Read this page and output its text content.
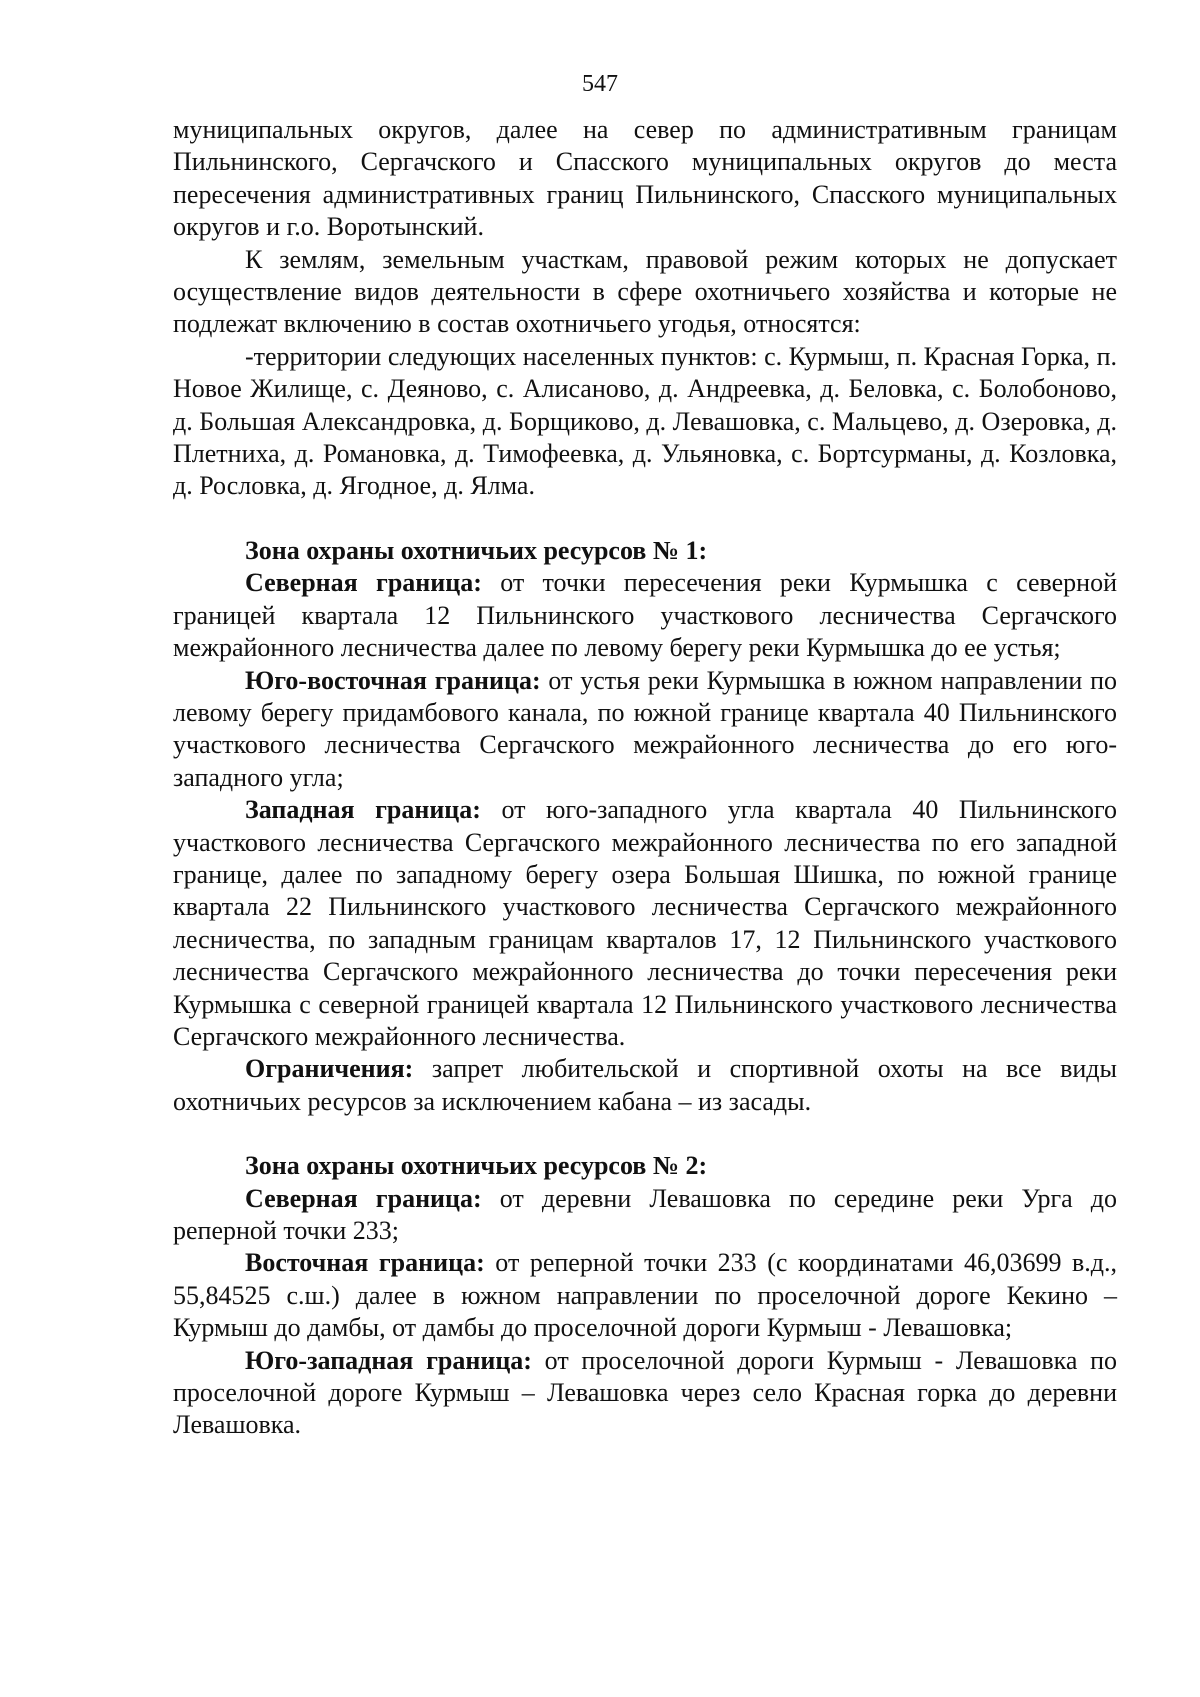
547

муниципальных округов, далее на север по административным границам Пильнинского, Сергачского и Спасского муниципальных округов до места пересечения административных границ Пильнинского, Спасского муниципальных округов и г.о. Воротынский.

К землям, земельным участкам, правовой режим которых не допускает осуществление видов деятельности в сфере охотничьего хозяйства и которые не подлежат включению в состав охотничьего угодья, относятся:

-территории следующих населенных пунктов: с. Курмыш, п. Красная Горка, п. Новое Жилище, с. Деяново, с. Алисаново, д. Андреевка, д. Беловка, с. Болобоново, д. Большая Александровка, д. Борщиково, д. Левашовка, с. Мальцево, д. Озеровка, д. Плетниха, д. Романовка, д. Тимофеевка, д. Ульяновка, с. Бортсурманы, д. Козловка, д. Рословка, д. Ягодное, д. Ялма.

Зона охраны охотничьих ресурсов № 1:

Северная граница: от точки пересечения реки Курмышка с северной границей квартала 12 Пильнинского участкового лесничества Сергачского межрайонного лесничества далее по левому берегу реки Курмышка до ее устья;

Юго-восточная граница: от устья реки Курмышка в южном направлении по левому берегу придамбового канала, по южной границе квартала 40 Пильнинского участкового лесничества Сергачского межрайонного лесничества до его юго-западного угла;

Западная граница: от юго-западного угла квартала 40 Пильнинского участкового лесничества Сергачского межрайонного лесничества по его западной границе, далее по западному берегу озера Большая Шишка, по южной границе квартала 22 Пильнинского участкового лесничества Сергачского межрайонного лесничества, по западным границам кварталов 17, 12 Пильнинского участкового лесничества Сергачского межрайонного лесничества до точки пересечения реки Курмышка с северной границей квартала 12 Пильнинского участкового лесничества Сергачского межрайонного лесничества.

Ограничения: запрет любительской и спортивной охоты на все виды охотничьих ресурсов за исключением кабана – из засады.

Зона охраны охотничьих ресурсов № 2:

Северная граница: от деревни Левашовка по середине реки Урга до реперной точки 233;

Восточная граница: от реперной точки 233 (с координатами 46,03699 в.д., 55,84525 с.ш.) далее в южном направлении по проселочной дороге Кекино – Курмыш до дамбы, от дамбы до проселочной дороги Курмыш - Левашовка;

Юго-западная граница: от проселочной дороги Курмыш - Левашовка по проселочной дороге Курмыш – Левашовка через село Красная горка до деревни Левашовка.
